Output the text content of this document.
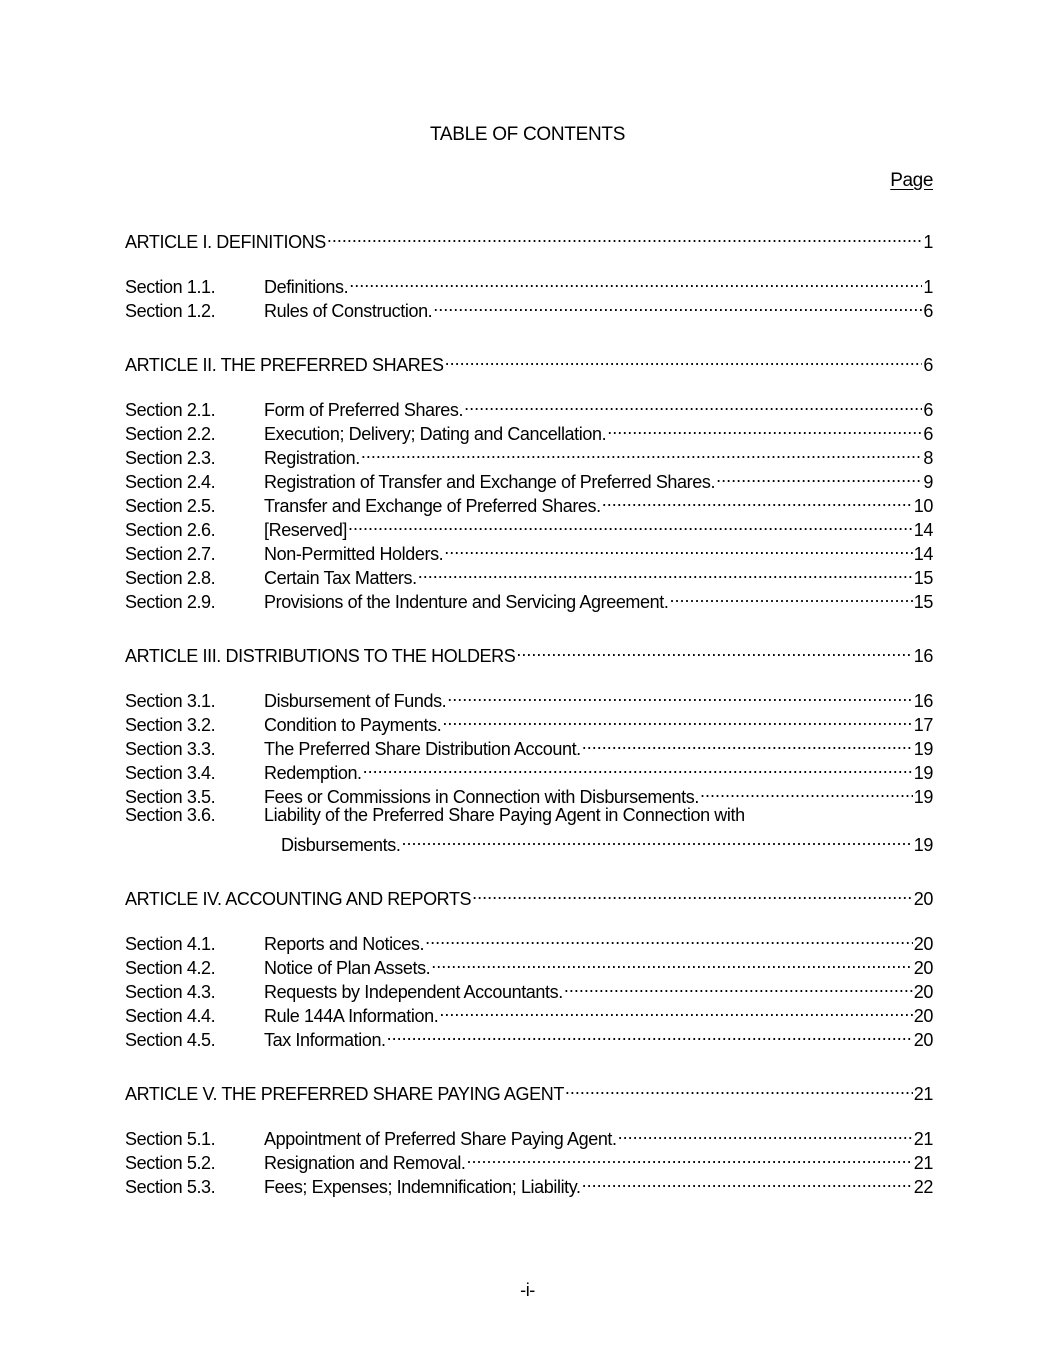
TABLE OF CONTENTS
Page
ARTICLE I. DEFINITIONS .....	1
Section 1.1.	Definitions. .....	1
Section 1.2.	Rules of Construction. .....	6
ARTICLE II. THE PREFERRED SHARES .....	6
Section 2.1.	Form of Preferred Shares. .....	6
Section 2.2.	Execution; Delivery; Dating and Cancellation. .....	6
Section 2.3.	Registration. .....	8
Section 2.4.	Registration of Transfer and Exchange of Preferred Shares. .....	9
Section 2.5.	Transfer and Exchange of Preferred Shares. .....	10
Section 2.6.	[Reserved] .....	14
Section 2.7.	Non-Permitted Holders. .....	14
Section 2.8.	Certain Tax Matters. .....	15
Section 2.9.	Provisions of the Indenture and Servicing Agreement. .....	15
ARTICLE III. DISTRIBUTIONS TO THE HOLDERS .....	16
Section 3.1.	Disbursement of Funds. .....	16
Section 3.2.	Condition to Payments. .....	17
Section 3.3.	The Preferred Share Distribution Account. .....	19
Section 3.4.	Redemption. .....	19
Section 3.5.	Fees or Commissions in Connection with Disbursements. .....	19
Section 3.6.	Liability of the Preferred Share Paying Agent in Connection with
Disbursements. .....	19
ARTICLE IV. ACCOUNTING AND REPORTS .....	20
Section 4.1.	Reports and Notices. .....	20
Section 4.2.	Notice of Plan Assets. .....	20
Section 4.3.	Requests by Independent Accountants. .....	20
Section 4.4.	Rule 144A Information. .....	20
Section 4.5.	Tax Information. .....	20
ARTICLE V. THE PREFERRED SHARE PAYING AGENT .....	21
Section 5.1.	Appointment of Preferred Share Paying Agent. .....	21
Section 5.2.	Resignation and Removal. .....	21
Section 5.3.	Fees; Expenses; Indemnification; Liability. .....	22
-i-
